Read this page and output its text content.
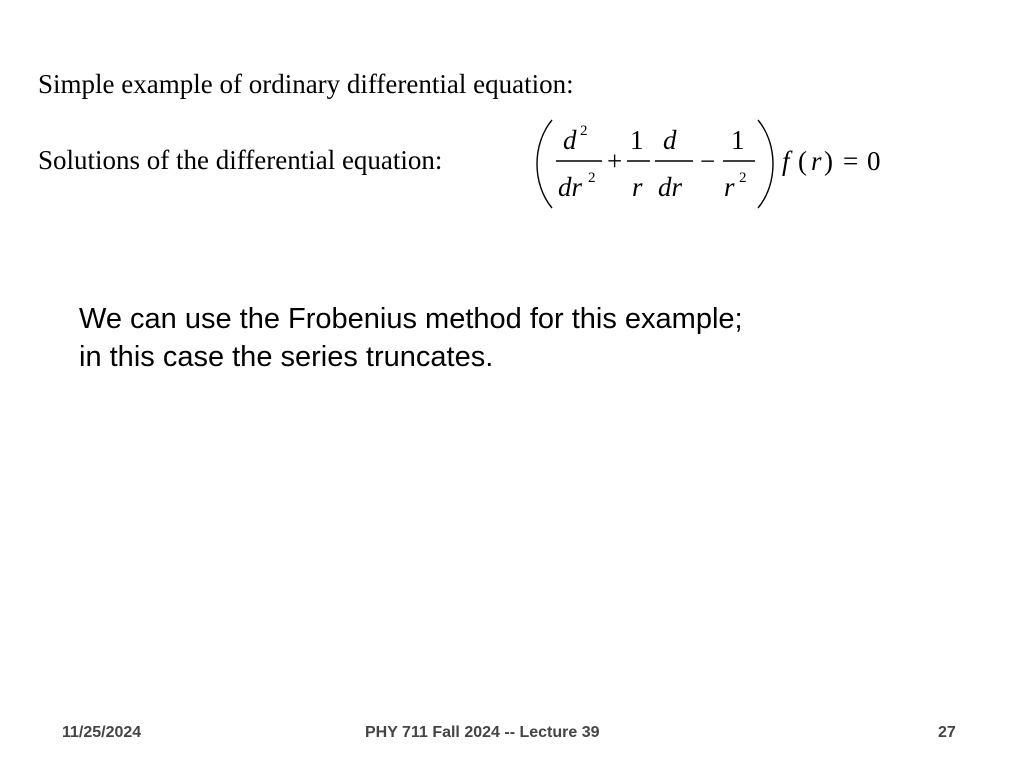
Simple example of ordinary differential equation:
Solutions of the differential equation:
d 2
dr 2
+
1
r
d
dr
−
1
r 2
f ( r ) = 0
We can use the Frobenius method for this example;
in this case the series truncates.
11/25/2024	PHY 711 Fall 2024 -- Lecture 39	27
